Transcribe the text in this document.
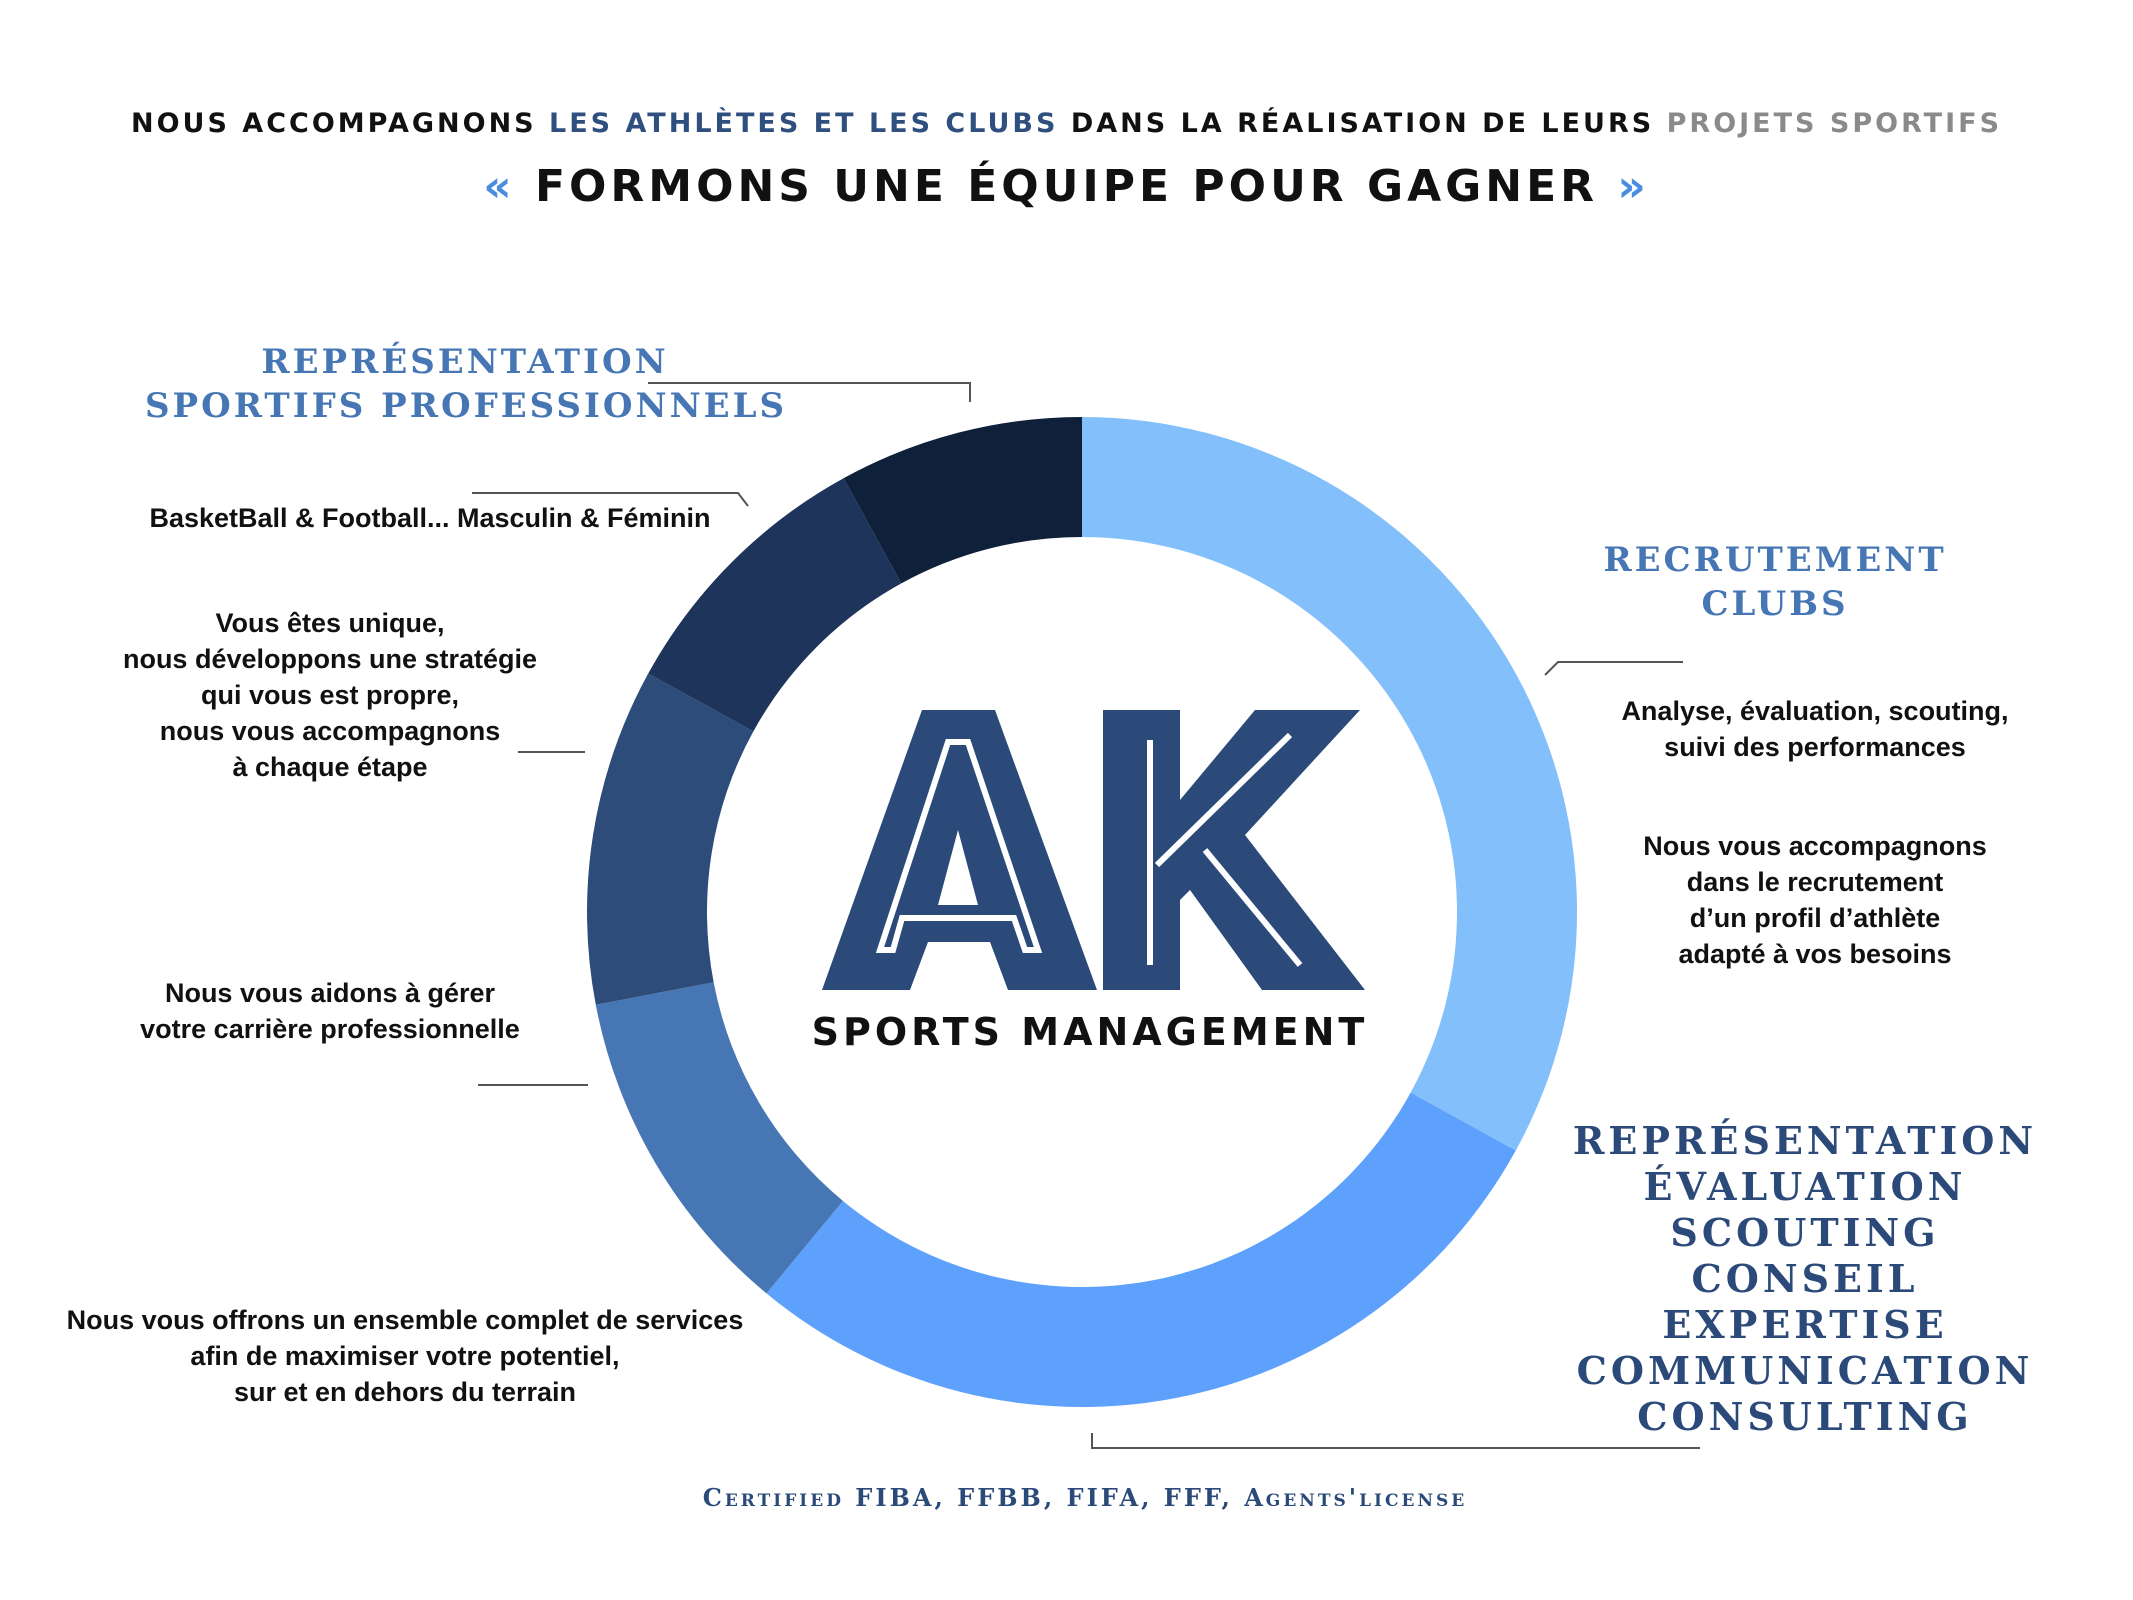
NOUS ACCOMPAGNONS LES ATHLÈTES ET LES CLUBS DANS LA RÉALISATION DE LEURS PROJETS SPORTIFS
« FORMONS UNE ÉQUIPE POUR GAGNER »
SPORTS MANAGEMENT
REPRÉSENTATION
SPORTIFS PROFESSIONNELS
BasketBall & Football... Masculin & Féminin
Vous êtes unique,
nous développons une stratégie
qui vous est propre,
nous vous accompagnons
à chaque étape
Nous vous aidons à gérer
votre carrière professionnelle
Nous vous offrons un ensemble complet de services
afin de maximiser votre potentiel,
sur et en dehors du terrain
RECRUTEMENT
CLUBS
Analyse, évaluation, scouting,
suivi des performances
Nous vous accompagnons
dans le recrutement
d’un profil d’athlète
adapté à vos besoins
REPRÉSENTATION
ÉVALUATION
SCOUTING
CONSEIL
EXPERTISE
COMMUNICATION
CONSULTING
Certified FIBA, FFBB, FIFA, FFF, Agents'license
